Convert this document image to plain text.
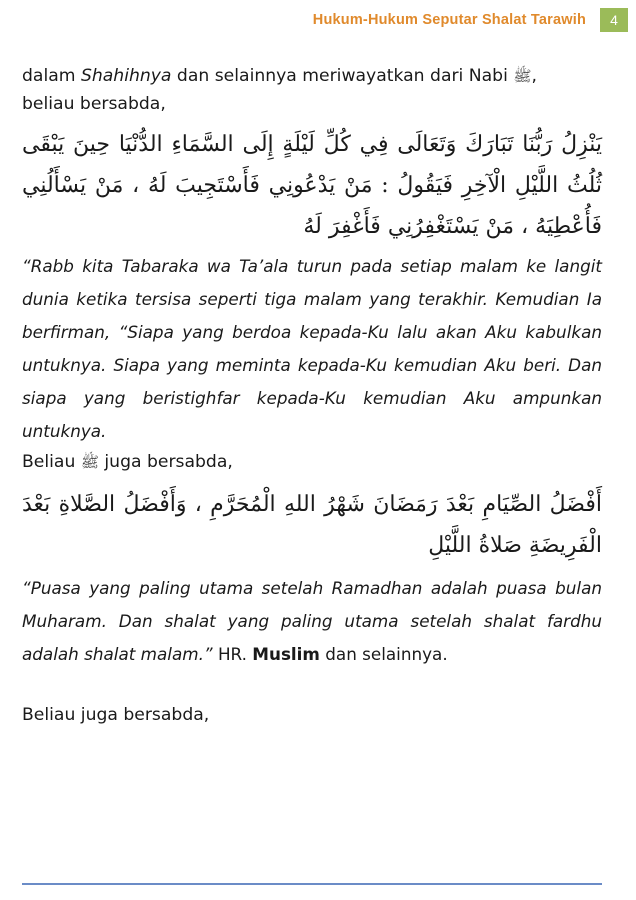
Hukum-Hukum Seputar Shalat Tarawih	4

dalam Shahihnya dan selainnya meriwayatkan dari Nabi ﷺ,
beliau bersabda,

يَنْزِلُ رَبُّنَا تَبَارَكَ وَتَعَالَى فِي كُلِّ لَيْلَةٍ إِلَى السَّمَاءِ الدُّنْيَا حِينَ يَبْقَى ثُلُثُ اللَّيْلِ الْآخِرِ فَيَقُولُ : مَنْ يَدْعُونِي فَأَسْتَجِيبَ لَهُ ، مَنْ يَسْأَلُنِي فَأُعْطِيَهُ ، مَنْ يَسْتَغْفِرُنِي فَأَغْفِرَ لَهُ

“Rabb kita Tabaraka wa Ta’ala turun pada setiap malam ke langit dunia ketika tersisa seperti tiga malam yang terakhir. Kemudian Ia berfirman, “Siapa yang berdoa kepada-Ku lalu akan Aku kabulkan untuknya. Siapa yang meminta kepada-Ku kemudian Aku beri. Dan siapa yang beristighfar kepada-Ku kemudian Aku ampunkan untuknya.

Beliau ﷺ juga bersabda,

أَفْضَلُ الصِّيَامِ بَعْدَ رَمَضَانَ شَهْرُ اللهِ الْمُحَرَّمِ ، وَأَفْضَلُ الصَّلاةِ بَعْدَ الْفَرِيضَةِ صَلاةُ اللَّيْلِ

“Puasa yang paling utama setelah Ramadhan adalah puasa bulan Muharam. Dan shalat yang paling utama setelah shalat fardhu adalah shalat malam.” HR. Muslim dan selainnya.

Beliau juga bersabda,
